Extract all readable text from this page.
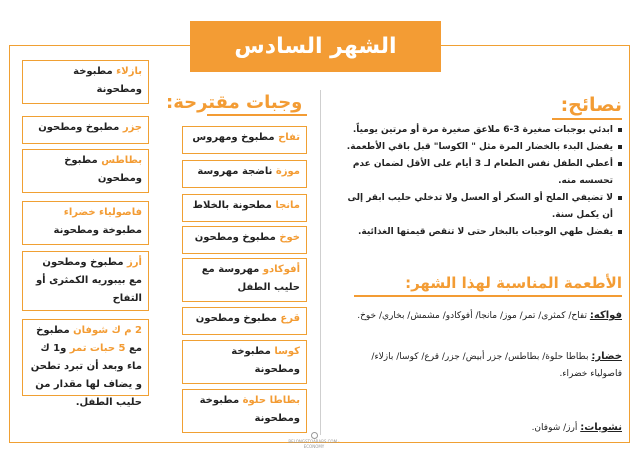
الشهر السادس
نصائح:
ابدئي بوجبات صغيرة 3-6 ملاعق صغيرة مرة أو مرتين يومياً.
يفضل البدء بالخضار المرة مثل " الكوسا" قبل باقي الأطعمة.
أعطي الطفل نفس الطعام لـ 3 أيام على الأقل لضمان عدم تحسسه منه.
لا تضيفي الملح أو السكر أو العسل ولا تدخلي حليب ابقر إلى أن يكمل سنة.
يفضل طهي الوجبات بالبخار حتى لا تنقص قيمتها الغذائية.
الأطعمة المناسبة لهذا الشهر:
فواكه: تفاح/ كمثرى/ تمر/ موز/ مانجا/ أفوكادو/ مشمش/ بخاري/ خوخ.
خضار: بطاطا حلوة/ بطاطس/ جزر أبيض/ جزر/ قرع/ كوسا/ بازلاء/ فاصولياء خضراء.
نشويات: أرز/ شوفان.
وجبات مقترحة:
تفاح مطبوخ ومهروس
موزة ناضجة مهروسة
مانجا مطحونة بالخلاط
خوخ مطبوخ ومطحون
أفوكادو مهروسة مع حليب الطفل
قرع مطبوخ ومطحون
كوسا مطبوخة ومطحونة
بطاطا حلوة مطبوخة ومطحونة
بازلاء مطبوخة ومطحونة
جزر مطبوخ ومطحون
بطاطس مطبوخ ومطحون
فاصولياء خضراء مطبوخة ومطحونة
أرز مطبوخ ومطحون مع بيبوريه الكمثرى أو التفاح
2 م ك شوفان مطبوخ مع 5 حبات تمر و1 ك ماء وبعد أن تبرد تطحن و يضاف لها مقدار من حليب الطفل.
BELONGSTOARABS.COM · ECONOMY
